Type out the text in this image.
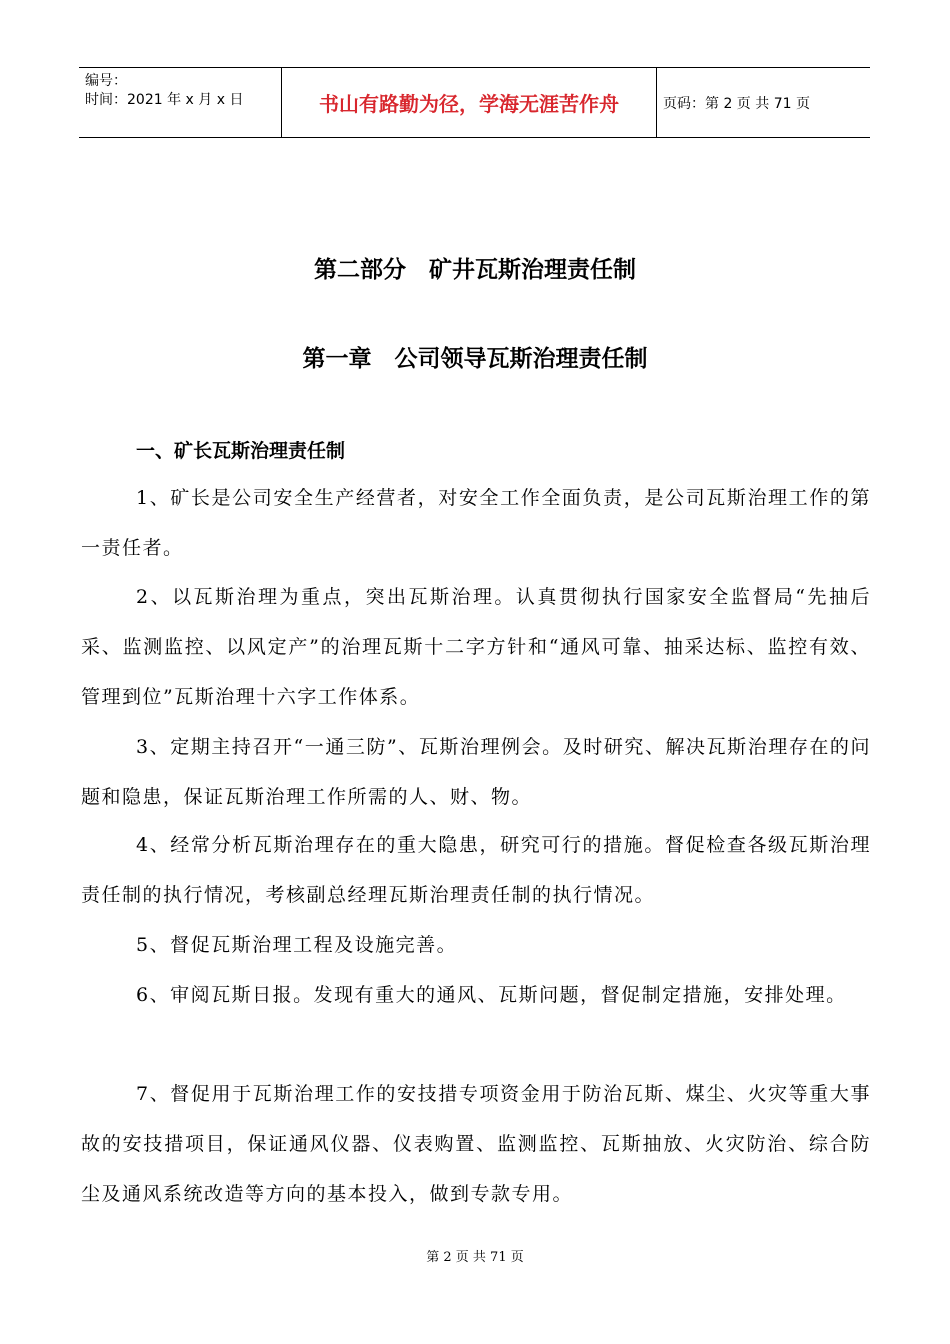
编号：
时间：2021 年 x 月 x 日	书山有路勤为径，学海无涯苦作舟	页码：第 2 页 共 71 页
第二部分　矿井瓦斯治理责任制
第一章　公司领导瓦斯治理责任制
一、矿长瓦斯治理责任制
1、矿长是公司安全生产经营者，对安全工作全面负责，是公司瓦斯治理工作的第一责任者。
2、以瓦斯治理为重点，突出瓦斯治理。认真贯彻执行国家安全监督局“先抽后采、监测监控、以风定产”的治理瓦斯十二字方针和“通风可靠、抽采达标、监控有效、管理到位”瓦斯治理十六字工作体系。
3、定期主持召开“一通三防”、瓦斯治理例会。及时研究、解决瓦斯治理存在的问题和隐患，保证瓦斯治理工作所需的人、财、物。
4、经常分析瓦斯治理存在的重大隐患，研究可行的措施。督促检查各级瓦斯治理责任制的执行情况，考核副总经理瓦斯治理责任制的执行情况。
5、督促瓦斯治理工程及设施完善。
6、审阅瓦斯日报。发现有重大的通风、瓦斯问题，督促制定措施，安排处理。
7、督促用于瓦斯治理工作的安技措专项资金用于防治瓦斯、煤尘、火灾等重大事故的安技措项目，保证通风仪器、仪表购置、监测监控、瓦斯抽放、火灾防治、综合防尘及通风系统改造等方向的基本投入，做到专款专用。
第 2 页 共 71 页
